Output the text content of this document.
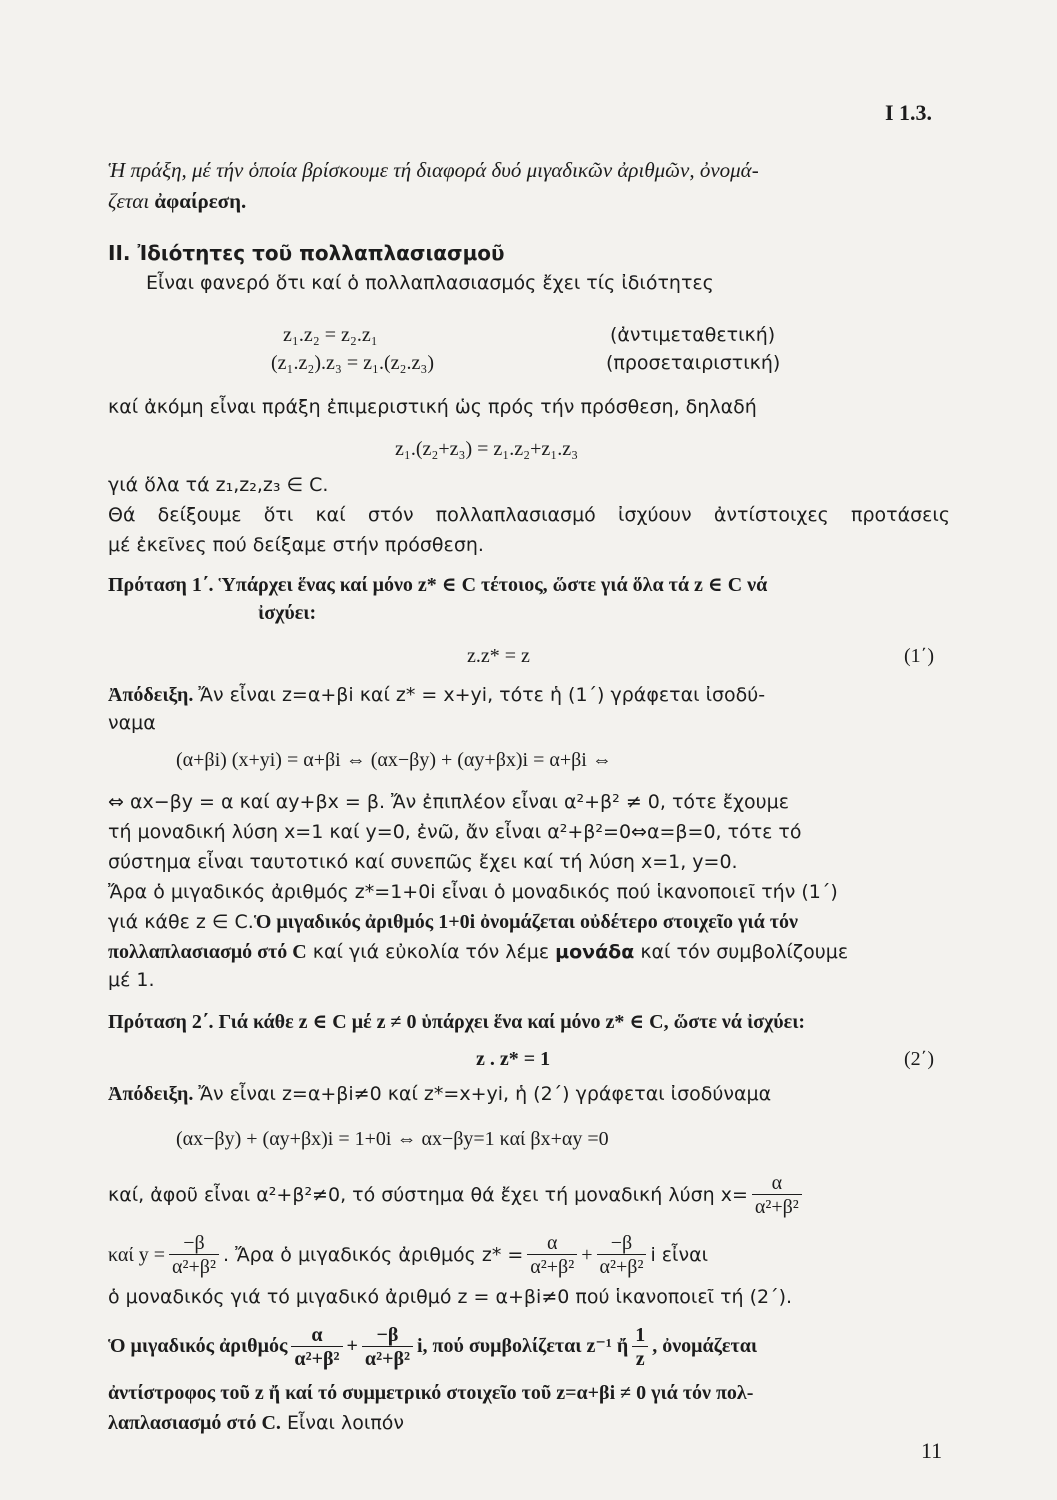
I 1.3.
Ἡ πράξη, μέ τήν ὁποία βρίσκουμε τή διαφορά δυό μιγαδικῶν ἀριθμῶν, ὀνομά-
ζεται ἀφαίρεση.
II. Ἰδιότητες τοῦ πολλαπλασιασμοῦ
Εἶναι φανερό ὅτι καί ὁ πολλαπλασιασμός ἔχει τίς ἰδιότητες
z₁.z₂ = z₂.z₁	(ἀντιμεταθετική)
(z₁.z₂).z₃ = z₁.(z₂.z₃)	(προσεταιριστική)
καί ἀκόμη εἶναι πράξη ἐπιμεριστική ὡς πρός τήν πρόσθεση, δηλαδή
z₁.(z₂+z₃) = z₁.z₂+z₁.z₃
γιά ὅλα τά z₁,z₂,z₃ ∈ C.
Θά δείξουμε ὅτι καί στόν πολλαπλασιασμό ἰσχύουν ἀντίστοιχες προτάσεις
μέ ἐκεῖνες πού δείξαμε στήν πρόσθεση.
Πρόταση 1΄. Ὑπάρχει ἕνας καί μόνο z* ∈ C τέτοιος, ὥστε γιά ὅλα τά z ∈ C νά
ἰσχύει:
z.z* = z	(1΄)
Ἀπόδειξη. Ἄν εἶναι z=α+βi καί z* = x+yi, τότε ἡ (1΄) γράφεται ἰσοδύ-
ναμα
(α+βi) (x+yi) = α+βi ⇔ (αx−βy) + (αy+βx)i = α+βi ⇔
⇔ αx−βy = α καί αy+βx = β. Ἄν ἐπιπλέον εἶναι α²+β² ≠ 0, τότε ἔχουμε
τή μοναδική λύση x=1 καί y=0, ἐνῶ, ἄν εἶναι α²+β²=0⇔α=β=0, τότε τό
σύστημα εἶναι ταυτοτικό καί συνεπῶς ἔχει καί τή λύση x=1, y=0.
Ἄρα ὁ μιγαδικός ἀριθμός z*=1+0i εἶναι ὁ μοναδικός πού ἱκανοποιεῖ τήν (1΄)
γιά κάθε z ∈ C.Ὁ μιγαδικός ἀριθμός 1+0i ὀνομάζεται οὐδέτερο στοιχεῖο γιά τόν
πολλαπλασιασμό στό C καί γιά εὐκολία τόν λέμε μονάδα καί τόν συμβολίζουμε
μέ 1.
Πρόταση 2΄. Γιά κάθε z ∈ C μέ z ≠ 0 ὑπάρχει ἕνα καί μόνο z* ∈ C, ὥστε νά ἰσχύει:
z . z* = 1	(2΄)
Ἀπόδειξη. Ἄν εἶναι z=α+βi≠0 καί z*=x+yi, ἡ (2΄) γράφεται ἰσοδύναμα
(αx−βy) + (αy+βx)i = 1+0i ⇔ αx−βy=1 καί βx+αy =0
καί, ἀφοῦ εἶναι α²+β²≠0, τό σύστημα θά ἔχει τή μοναδική λύση $x= \frac{\alpha}{\text{α²+β²}}$
καί $y = \frac{-\beta}{\text{α²+β²}}$ . Ἄρα ὁ μιγαδικός ἀριθμός $z* = \frac{\alpha}{\text{α²+β²}} + \frac{-\beta}{\text{α²+β²}}$ i εἶναι
ὁ μοναδικός γιά τό μιγαδικό ἀριθμό z = α+βi≠0 πού ἱκανοποιεῖ τή (2΄).
Ὁ μιγαδικός ἀριθμός $\frac{\alpha}{\text{α²+β²}} + \frac{-\beta}{\text{α²+β²}} i$, πού συμβολίζεται z⁻¹ ἤ $\frac{1}{z}$ , ὀνομάζεται
ἀντίστροφος τοῦ z ἤ καί τό συμμετρικό στοιχεῖο τοῦ z=α+βi ≠ 0 γιά τόν πολ-
λαπλασιασμό στό C. Εἶναι λοιπόν
11
